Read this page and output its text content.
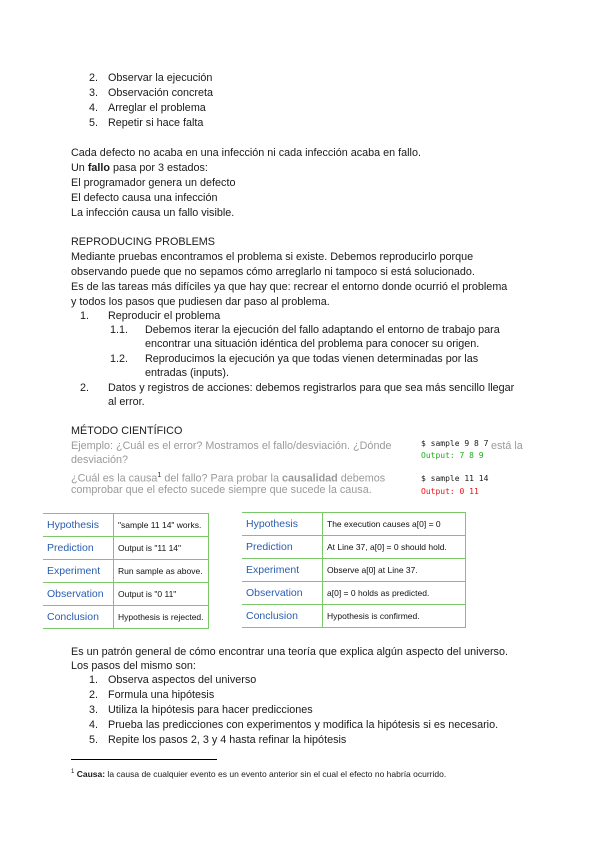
2. Observar la ejecución
3. Observación concreta
4. Arreglar el problema
5. Repetir si hace falta
Cada defecto no acaba en una infección ni cada infección acaba en fallo.
Un fallo pasa por 3 estados:
El programador genera un defecto
El defecto causa una infección
La infección causa un fallo visible.
REPRODUCING PROBLEMS
Mediante pruebas encontramos el problema si existe. Debemos reproducirlo porque
observando puede que no sepamos cómo arreglarlo ni tampoco si está solucionado.
Es de las tareas más difíciles ya que hay que: recrear el entorno donde ocurrió el problema
y todos los pasos que pudiesen dar paso al problema.
1. Reproducir el problema
1.1. Debemos iterar la ejecución del fallo adaptando el entorno de trabajo para
encontrar una situación idéntica del problema para conocer su origen.
1.2. Reproducimos la ejecución ya que todas vienen determinadas por las
entradas (inputs).
2. Datos y registros de acciones: debemos registrarlos para que sea más sencillo llegar
al error.
MÉTODO CIENTÍFICO
Ejemplo: ¿Cuál es el error? Mostramos el fallo/desviación. ¿Dónde	está la
desviación?
¿Cuál es la causa$^1$ del fallo? Para probar la causalidad debemos
comprobar que el efecto sucede siempre que sucede la causa.
$ sample 9 8 7
Output: 7 8 9
$ sample 11 14
Output: 0 11
Hypothesis	"sample 11 14" works.
Prediction	Output is "11 14"
Experiment	Run sample as above.
Observation	Output is "0 11"
Conclusion	Hypothesis is rejected.
Hypothesis	The execution causes a[0] = 0
Prediction	At Line 37, a[0] = 0 should hold.
Experiment	Observe a[0] at Line 37.
Observation	a[0] = 0 holds as predicted.
Conclusion	Hypothesis is confirmed.
Es un patrón general de cómo encontrar una teoría que explica algún aspecto del universo.
Los pasos del mismo son:
1. Observa aspectos del universo
2. Formula una hipótesis
3. Utiliza la hipótesis para hacer predicciones
4. Prueba las predicciones con experimentos y modifica la hipótesis si es necesario.
5. Repite los pasos 2, 3 y 4 hasta refinar la hipótesis
$^1$ Causa: la causa de cualquier evento es un evento anterior sin el cual el efecto no habría ocurrido.
